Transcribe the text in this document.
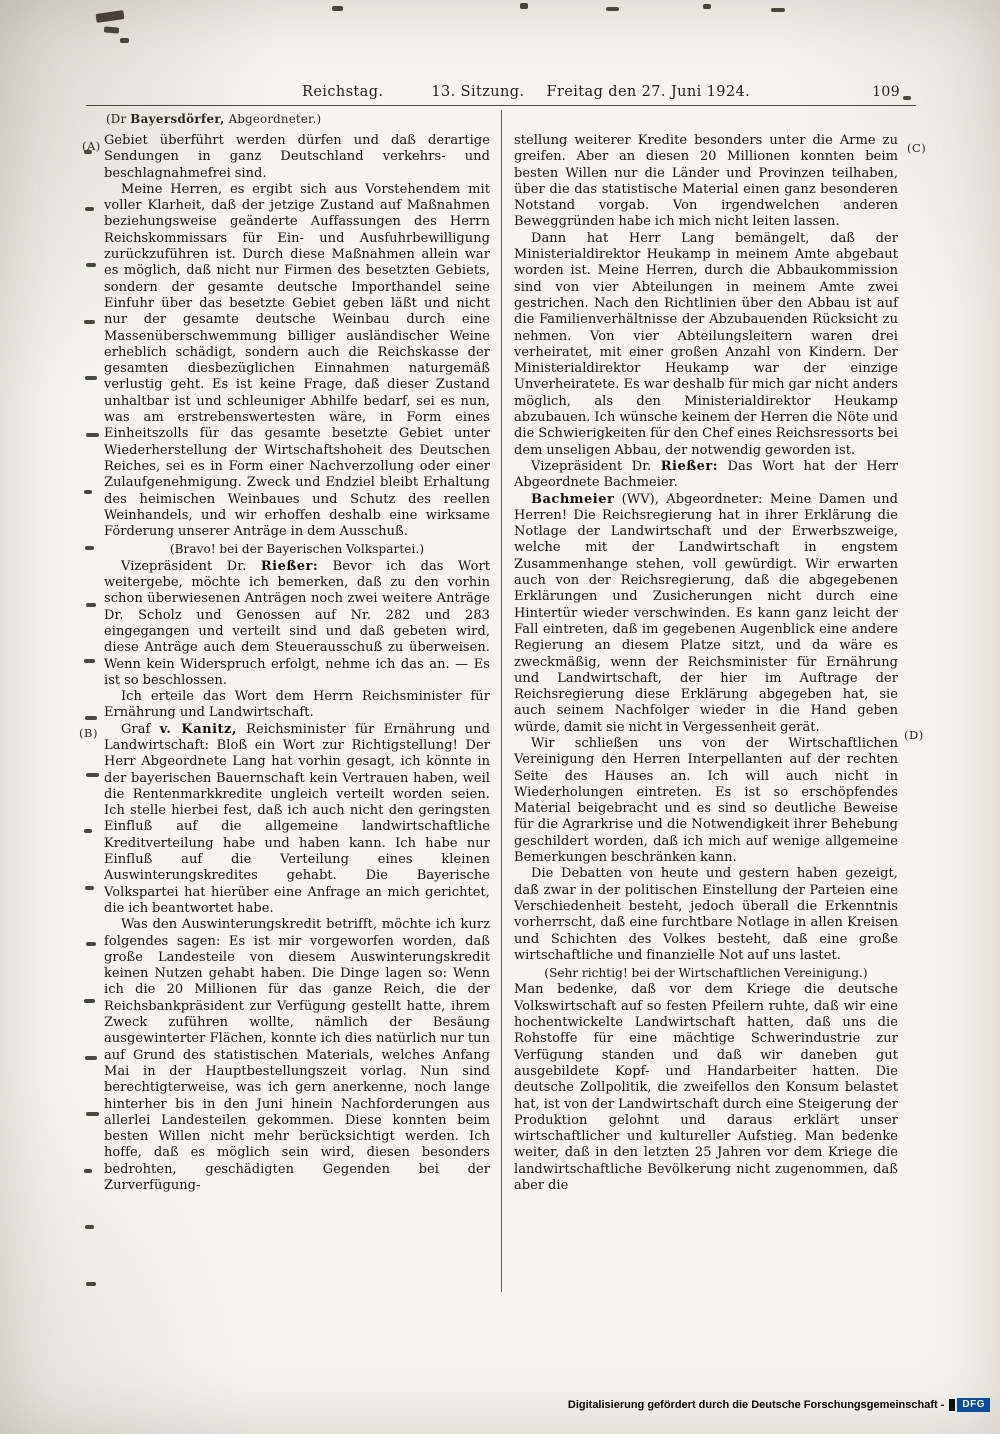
Reichstag.	13. Sitzung. Freitag den 27. Juni 1924.	109
(Dr Bayersdörfer, Abgeordneter.)
(A)
(B)
(C)
(D)

Gebiet überführt werden dürfen und daß derartige Sendungen in ganz Deutschland verkehrs- und beschlagnahmefrei sind.

Meine Herren, es ergibt sich aus Vorstehendem mit voller Klarheit, daß der jetzige Zustand auf Maßnahmen beziehungsweise geänderte Auffassungen des Herrn Reichskommissars für Ein- und Ausfuhrbewilligung zurückzuführen ist. Durch diese Maßnahmen allein war es möglich, daß nicht nur Firmen des besetzten Gebiets, sondern der gesamte deutsche Importhandel seine Einfuhr über das besetzte Gebiet geben läßt und nicht nur der gesamte deutsche Weinbau durch eine Massenüberschwemmung billiger ausländischer Weine erheblich schädigt, sondern auch die Reichskasse der gesamten diesbezüglichen Einnahmen naturgemäß verlustig geht. Es ist keine Frage, daß dieser Zustand unhaltbar ist und schleuniger Abhilfe bedarf, sei es nun, was am erstrebenswertesten wäre, in Form eines Einheitszolls für das gesamte besetzte Gebiet unter Wiederherstellung der Wirtschaftshoheit des Deutschen Reiches, sei es in Form einer Nachverzollung oder einer Zulaufgenehmigung. Zweck und Endziel bleibt Erhaltung des heimischen Weinbaues und Schutz des reellen Weinhandels, und wir erhoffen deshalb eine wirksame Förderung unserer Anträge in dem Ausschuß.

(Bravo! bei der Bayerischen Volkspartei.)

Vizepräsident Dr. Rießer: Bevor ich das Wort weitergebe, möchte ich bemerken, daß zu den vorhin schon überwiesenen Anträgen noch zwei weitere Anträge Dr. Scholz und Genossen auf Nr. 282 und 283 eingegangen und verteilt sind und daß gebeten wird, diese Anträge auch dem Steuerausschuß zu überweisen. Wenn kein Widerspruch erfolgt, nehme ich das an. — Es ist so beschlossen.

Ich erteile das Wort dem Herrn Reichsminister für Ernährung und Landwirtschaft.

Graf v. Kanitz, Reichsminister für Ernährung und Landwirtschaft: Bloß ein Wort zur Richtigstellung! Der Herr Abgeordnete Lang hat vorhin gesagt, ich könnte in der bayerischen Bauernschaft kein Vertrauen haben, weil die Rentenmarkkredite ungleich verteilt worden seien. Ich stelle hierbei fest, daß ich auch nicht den geringsten Einfluß auf die allgemeine landwirtschaftliche Kreditverteilung habe und haben kann. Ich habe nur Einfluß auf die Verteilung eines kleinen Auswinterungskredites gehabt. Die Bayerische Volkspartei hat hierüber eine Anfrage an mich gerichtet, die ich beantwortet habe.

Was den Auswinterungskredit betrifft, möchte ich kurz folgendes sagen: Es ist mir vorgeworfen worden, daß große Landesteile von diesem Auswinterungskredit keinen Nutzen gehabt haben. Die Dinge lagen so: Wenn ich die 20 Millionen für das ganze Reich, die der Reichsbankpräsident zur Verfügung gestellt hatte, ihrem Zweck zuführen wollte, nämlich der Besäung ausgewinterter Flächen, konnte ich dies natürlich nur tun auf Grund des statistischen Materials, welches Anfang Mai in der Hauptbestellungszeit vorlag. Nun sind berechtigterweise, was ich gern anerkenne, noch lange hinterher bis in den Juni hinein Nachforderungen aus allerlei Landesteilen gekommen. Diese konnten beim besten Willen nicht mehr berücksichtigt werden. Ich hoffe, daß es möglich sein wird, diesen besonders bedrohten, geschädigten Gegenden bei der Zurverfügung-

stellung weiterer Kredite besonders unter die Arme zu greifen. Aber an diesen 20 Millionen konnten beim besten Willen nur die Länder und Provinzen teilhaben, über die das statistische Material einen ganz besonderen Notstand vorgab. Von irgendwelchen anderen Beweggründen habe ich mich nicht leiten lassen.

Dann hat Herr Lang bemängelt, daß der Ministerialdirektor Heukamp in meinem Amte abgebaut worden ist. Meine Herren, durch die Abbaukommission sind von vier Abteilungen in meinem Amte zwei gestrichen. Nach den Richtlinien über den Abbau ist auf die Familienverhältnisse der Abzubauenden Rücksicht zu nehmen. Von vier Abteilungsleitern waren drei verheiratet, mit einer großen Anzahl von Kindern. Der Ministerialdirektor Heukamp war der einzige Unverheiratete. Es war deshalb für mich gar nicht anders möglich, als den Ministerialdirektor Heukamp abzubauen. Ich wünsche keinem der Herren die Nöte und die Schwierigkeiten für den Chef eines Reichsressorts bei dem unseligen Abbau, der notwendig geworden ist.

Vizepräsident Dr. Rießer: Das Wort hat der Herr Abgeordnete Bachmeier.

Bachmeier (WV), Abgeordneter: Meine Damen und Herren! Die Reichsregierung hat in ihrer Erklärung die Notlage der Landwirtschaft und der Erwerbszweige, welche mit der Landwirtschaft in engstem Zusammenhange stehen, voll gewürdigt. Wir erwarten auch von der Reichsregierung, daß die abgegebenen Erklärungen und Zusicherungen nicht durch eine Hintertür wieder verschwinden. Es kann ganz leicht der Fall eintreten, daß im gegebenen Augenblick eine andere Regierung an diesem Platze sitzt, und da wäre es zweckmäßig, wenn der Reichsminister für Ernährung und Landwirtschaft, der hier im Auftrage der Reichsregierung diese Erklärung abgegeben hat, sie auch seinem Nachfolger wieder in die Hand geben würde, damit sie nicht in Vergessenheit gerät.

Wir schließen uns von der Wirtschaftlichen Vereinigung den Herren Interpellanten auf der rechten Seite des Hauses an. Ich will auch nicht in Wiederholungen eintreten. Es ist so erschöpfendes Material beigebracht und es sind so deutliche Beweise für die Agrarkrise und die Notwendigkeit ihrer Behebung geschildert worden, daß ich mich auf wenige allgemeine Bemerkungen beschränken kann.

Die Debatten von heute und gestern haben gezeigt, daß zwar in der politischen Einstellung der Parteien eine Verschiedenheit besteht, jedoch überall die Erkenntnis vorherrscht, daß eine furchtbare Notlage in allen Kreisen und Schichten des Volkes besteht, daß eine große wirtschaftliche und finanzielle Not auf uns lastet.

(Sehr richtig! bei der Wirtschaftlichen Vereinigung.)

Man bedenke, daß vor dem Kriege die deutsche Volkswirtschaft auf so festen Pfeilern ruhte, daß wir eine hochentwickelte Landwirtschaft hatten, daß uns die Rohstoffe für eine mächtige Schwerindustrie zur Verfügung standen und daß wir daneben gut ausgebildete Kopf- und Handarbeiter hatten. Die deutsche Zollpolitik, die zweifellos den Konsum belastet hat, ist von der Landwirtschaft durch eine Steigerung der Produktion gelohnt und daraus erklärt unser wirtschaftlicher und kultureller Aufstieg. Man bedenke weiter, daß in den letzten 25 Jahren vor dem Kriege die landwirtschaftliche Bevölkerung nicht zugenommen, daß aber die

Digitalisierung gefördert durch die Deutsche Forschungsgemeinschaft -	DFG
